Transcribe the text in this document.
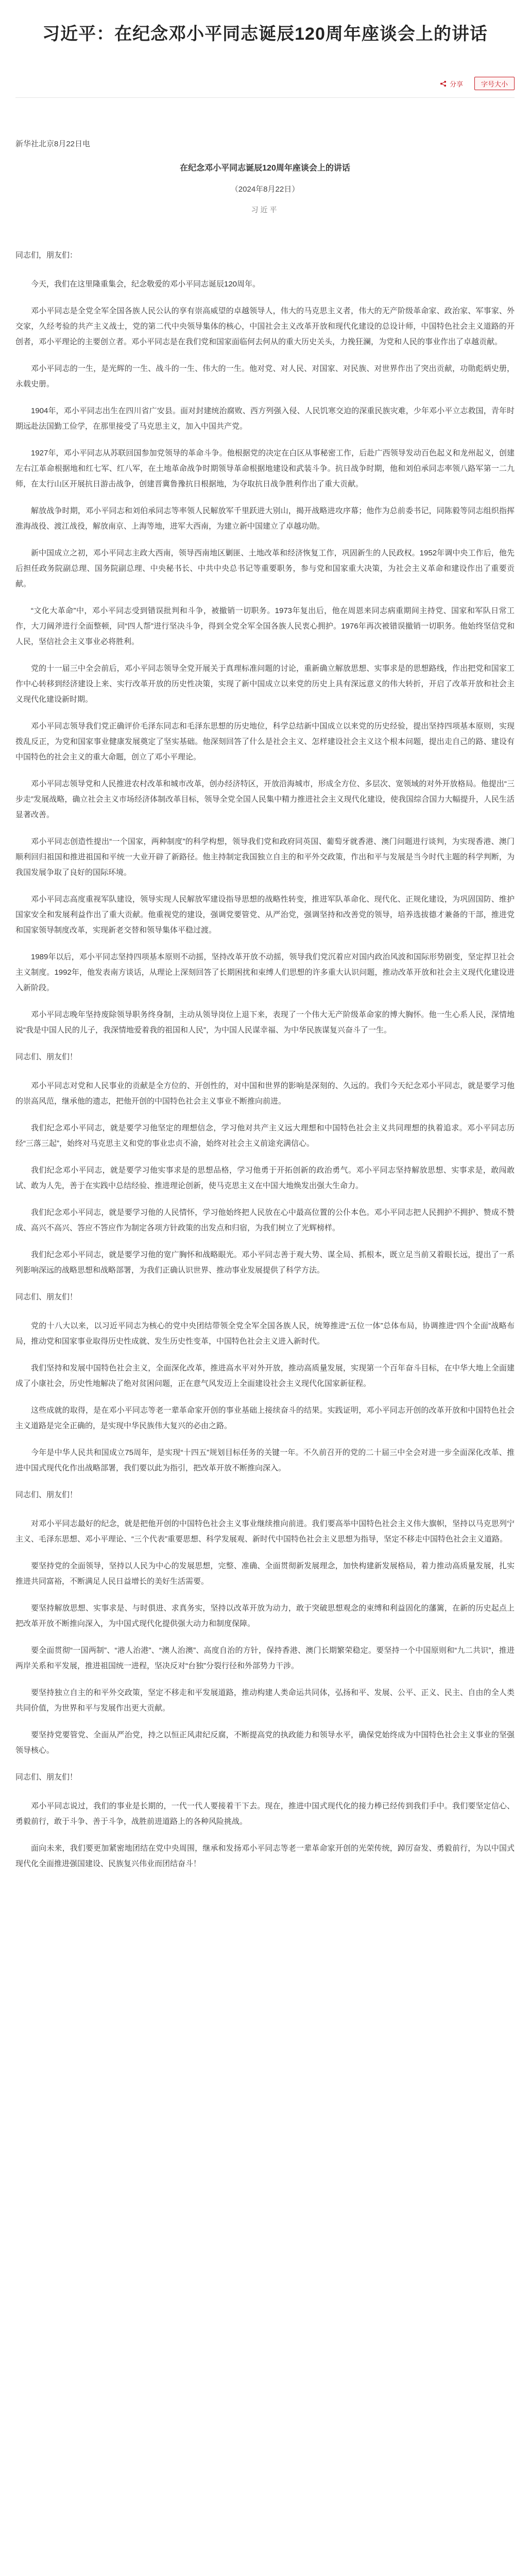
习近平：在纪念邓小平同志诞辰120周年座谈会上的讲话
分享	字号大小

新华社北京8月22日电

在纪念邓小平同志诞辰120周年座谈会上的讲话

（2024年8月22日）

习近平

同志们，朋友们：

今天，我们在这里隆重集会，纪念敬爱的邓小平同志诞辰120周年。

邓小平同志是全党全军全国各族人民公认的享有崇高威望的卓越领导人，伟大的马克思主义者，伟大的无产阶级革命家、政治家、军事家、外交家，久经考验的共产主义战士，党的第二代中央领导集体的核心，中国社会主义改革开放和现代化建设的总设计师，中国特色社会主义道路的开创者，邓小平理论的主要创立者。邓小平同志是在我们党和国家面临何去何从的重大历史关头，力挽狂澜，为党和人民的事业作出了卓越贡献。

邓小平同志的一生，是光辉的一生、战斗的一生、伟大的一生。他对党、对人民、对国家、对民族、对世界作出了突出贡献，功勋彪炳史册，永载史册。

1904年，邓小平同志出生在四川省广安县。面对封建统治腐败、西方列强入侵、人民饥寒交迫的深重民族灾难，少年邓小平立志救国，青年时期远赴法国勤工俭学，在那里接受了马克思主义，加入中国共产党。

1927年，邓小平同志从苏联回国参加党领导的革命斗争。他根据党的决定在白区从事秘密工作，后赴广西领导发动百色起义和龙州起义，创建左右江革命根据地和红七军、红八军，在土地革命战争时期领导革命根据地建设和武装斗争。抗日战争时期，他和刘伯承同志率领八路军第一二九师，在太行山区开展抗日游击战争，创建晋冀鲁豫抗日根据地，为夺取抗日战争胜利作出了重大贡献。

解放战争时期，邓小平同志和刘伯承同志等率领人民解放军千里跃进大别山，揭开战略进攻序幕；他作为总前委书记，同陈毅等同志组织指挥淮海战役、渡江战役，解放南京、上海等地，进军大西南，为建立新中国建立了卓越功勋。

新中国成立之初，邓小平同志主政大西南，领导西南地区剿匪、土地改革和经济恢复工作，巩固新生的人民政权。1952年调中央工作后，他先后担任政务院副总理、国务院副总理、中央秘书长、中共中央总书记等重要职务，参与党和国家重大决策，为社会主义革命和建设作出了重要贡献。

“文化大革命”中，邓小平同志受到错误批判和斗争，被撤销一切职务。1973年复出后，他在周恩来同志病重期间主持党、国家和军队日常工作，大刀阔斧进行全面整顿，同“四人帮”进行坚决斗争，得到全党全军全国各族人民衷心拥护。1976年再次被错误撤销一切职务。他始终坚信党和人民，坚信社会主义事业必将胜利。

党的十一届三中全会前后，邓小平同志领导全党开展关于真理标准问题的讨论，重新确立解放思想、实事求是的思想路线，作出把党和国家工作中心转移到经济建设上来、实行改革开放的历史性决策，实现了新中国成立以来党的历史上具有深远意义的伟大转折，开启了改革开放和社会主义现代化建设新时期。

邓小平同志领导我们党正确评价毛泽东同志和毛泽东思想的历史地位，科学总结新中国成立以来党的历史经验，提出坚持四项基本原则，实现拨乱反正，为党和国家事业健康发展奠定了坚实基础。他深刻回答了什么是社会主义、怎样建设社会主义这个根本问题，提出走自己的路、建设有中国特色的社会主义的重大命题，创立了邓小平理论。

邓小平同志领导党和人民推进农村改革和城市改革，创办经济特区，开放沿海城市，形成全方位、多层次、宽领域的对外开放格局。他提出“三步走”发展战略，确立社会主义市场经济体制改革目标，领导全党全国人民集中精力推进社会主义现代化建设，使我国综合国力大幅提升，人民生活显著改善。

邓小平同志创造性提出“一个国家，两种制度”的科学构想，领导我们党和政府同英国、葡萄牙就香港、澳门问题进行谈判，为实现香港、澳门顺利回归祖国和推进祖国和平统一大业开辟了新路径。他主持制定我国独立自主的和平外交政策，作出和平与发展是当今时代主题的科学判断，为我国发展争取了良好的国际环境。

邓小平同志高度重视军队建设，领导实现人民解放军建设指导思想的战略性转变，推进军队革命化、现代化、正规化建设，为巩固国防、维护国家安全和发展利益作出了重大贡献。他重视党的建设，强调党要管党、从严治党，强调坚持和改善党的领导，培养选拔德才兼备的干部，推进党和国家领导制度改革，实现新老交替和领导集体平稳过渡。

1989年以后，邓小平同志坚持四项基本原则不动摇，坚持改革开放不动摇，领导我们党沉着应对国内政治风波和国际形势剧变，坚定捍卫社会主义制度。1992年，他发表南方谈话，从理论上深刻回答了长期困扰和束缚人们思想的许多重大认识问题，推动改革开放和社会主义现代化建设进入新阶段。

邓小平同志晚年坚持废除领导职务终身制，主动从领导岗位上退下来，表现了一个伟大无产阶级革命家的博大胸怀。他一生心系人民，深情地说“我是中国人民的儿子，我深情地爱着我的祖国和人民”，为中国人民谋幸福、为中华民族谋复兴奋斗了一生。

同志们、朋友们！

邓小平同志对党和人民事业的贡献是全方位的、开创性的，对中国和世界的影响是深刻的、久远的。我们今天纪念邓小平同志，就是要学习他的崇高风范，继承他的遗志，把他开创的中国特色社会主义事业不断推向前进。

我们纪念邓小平同志，就是要学习他坚定的理想信念，学习他对共产主义远大理想和中国特色社会主义共同理想的执着追求。邓小平同志历经“三落三起”，始终对马克思主义和党的事业忠贞不渝，始终对社会主义前途充满信心。

我们纪念邓小平同志，就是要学习他实事求是的思想品格，学习他勇于开拓创新的政治勇气。邓小平同志坚持解放思想、实事求是，敢闯敢试、敢为人先，善于在实践中总结经验、推进理论创新，使马克思主义在中国大地焕发出强大生命力。

我们纪念邓小平同志，就是要学习他的人民情怀，学习他始终把人民放在心中最高位置的公仆本色。邓小平同志把人民拥护不拥护、赞成不赞成、高兴不高兴、答应不答应作为制定各项方针政策的出发点和归宿，为我们树立了光辉榜样。

我们纪念邓小平同志，就是要学习他的宽广胸怀和战略眼光。邓小平同志善于观大势、谋全局、抓根本，既立足当前又着眼长远，提出了一系列影响深远的战略思想和战略部署，为我们正确认识世界、推动事业发展提供了科学方法。

同志们、朋友们！

党的十八大以来，以习近平同志为核心的党中央团结带领全党全军全国各族人民，统筹推进“五位一体”总体布局，协调推进“四个全面”战略布局，推动党和国家事业取得历史性成就、发生历史性变革，中国特色社会主义进入新时代。

我们坚持和发展中国特色社会主义，全面深化改革，推进高水平对外开放，推动高质量发展，实现第一个百年奋斗目标，在中华大地上全面建成了小康社会，历史性地解决了绝对贫困问题，正在意气风发迈上全面建设社会主义现代化国家新征程。

这些成就的取得，是在邓小平同志等老一辈革命家开创的事业基础上接续奋斗的结果。实践证明，邓小平同志开创的改革开放和中国特色社会主义道路是完全正确的，是实现中华民族伟大复兴的必由之路。

今年是中华人民共和国成立75周年，是实现“十四五”规划目标任务的关键一年。不久前召开的党的二十届三中全会对进一步全面深化改革、推进中国式现代化作出战略部署，我们要以此为指引，把改革开放不断推向深入。

同志们、朋友们！

对邓小平同志最好的纪念，就是把他开创的中国特色社会主义事业继续推向前进。我们要高举中国特色社会主义伟大旗帜，坚持以马克思列宁主义、毛泽东思想、邓小平理论、“三个代表”重要思想、科学发展观、新时代中国特色社会主义思想为指导，坚定不移走中国特色社会主义道路。

要坚持党的全面领导，坚持以人民为中心的发展思想，完整、准确、全面贯彻新发展理念，加快构建新发展格局，着力推动高质量发展，扎实推进共同富裕，不断满足人民日益增长的美好生活需要。

要坚持解放思想、实事求是、与时俱进、求真务实，坚持以改革开放为动力，敢于突破思想观念的束缚和利益固化的藩篱，在新的历史起点上把改革开放不断推向深入，为中国式现代化提供强大动力和制度保障。

要全面贯彻“一国两制”、“港人治港”、“澳人治澳”、高度自治的方针，保持香港、澳门长期繁荣稳定。要坚持一个中国原则和“九二共识”，推进两岸关系和平发展，推进祖国统一进程，坚决反对“台独”分裂行径和外部势力干涉。

要坚持独立自主的和平外交政策，坚定不移走和平发展道路，推动构建人类命运共同体，弘扬和平、发展、公平、正义、民主、自由的全人类共同价值，为世界和平与发展作出更大贡献。

要坚持党要管党、全面从严治党，持之以恒正风肃纪反腐，不断提高党的执政能力和领导水平，确保党始终成为中国特色社会主义事业的坚强领导核心。

同志们、朋友们！

邓小平同志说过，我们的事业是长期的，一代一代人要接着干下去。现在，推进中国式现代化的接力棒已经传到我们手中。我们要坚定信心、勇毅前行，敢于斗争、善于斗争，战胜前进道路上的各种风险挑战。

面向未来，我们要更加紧密地团结在党中央周围，继承和发扬邓小平同志等老一辈革命家开创的光荣传统，踔厉奋发、勇毅前行，为以中国式现代化全面推进强国建设、民族复兴伟业而团结奋斗！
